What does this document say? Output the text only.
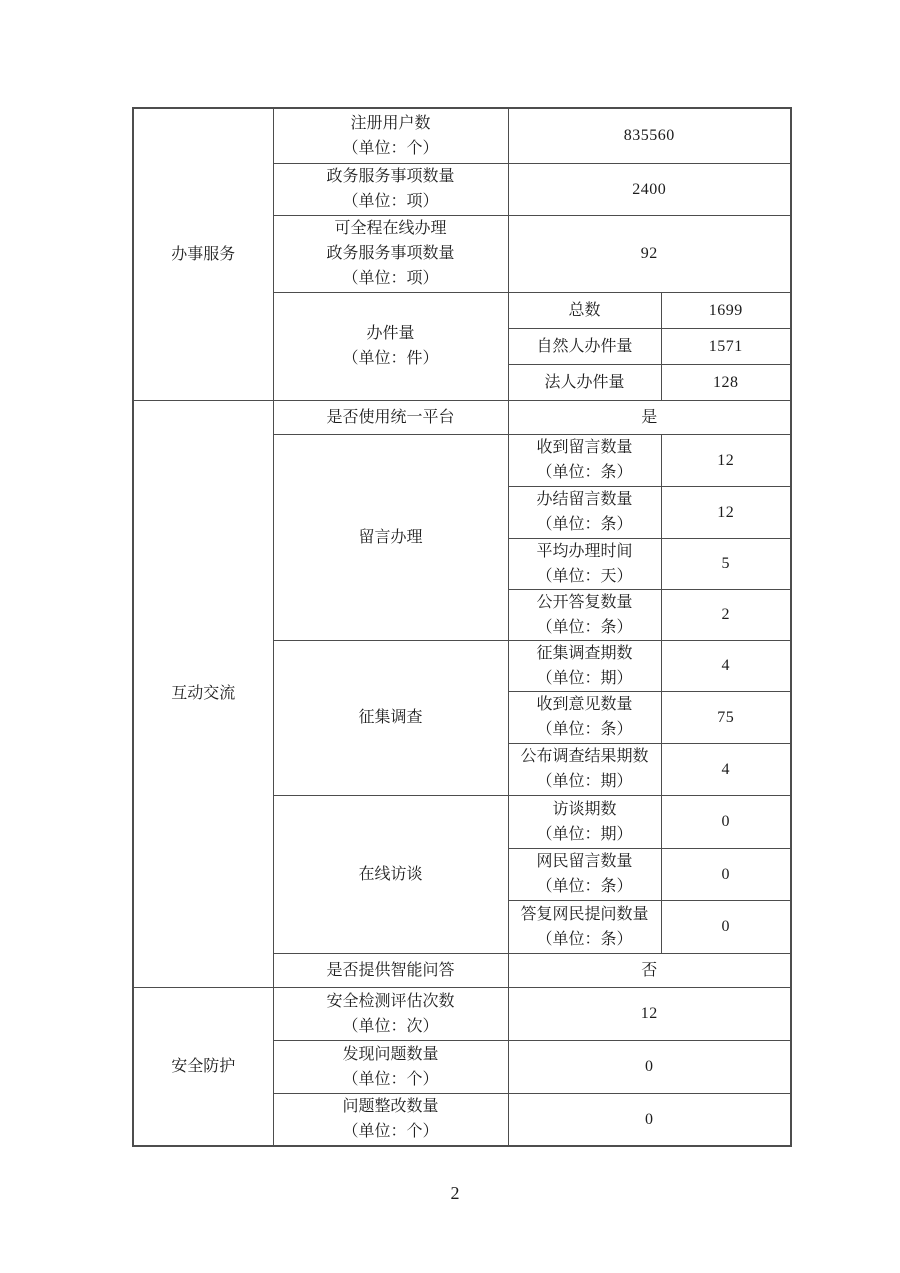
办事服务	注册用户数
（单位：个）	835560	

	政务服务事项数量
（单位：项）	2400	

	可全程在线办理
政务服务事项数量
（单位：项）	92	

	办件量
（单位：件）	总数	1699
		自然人办件量	1571
		法人办件量	128

互动交流	是否使用统一平台	是	
	留言办理	收到留言数量
（单位：条）	12

		办结留言数量
（单位：条）	12

		平均办理时间
（单位：天）	5

		公开答复数量
（单位：条）	2
	征集调查	征集调查期数
（单位：期）	4

		收到意见数量
（单位：条）	75

		公布调查结果期数
（单位：期）	4
	在线访谈	访谈期数
（单位：期）	0

		网民留言数量
（单位：条）	0

		答复网民提问数量
（单位：条）	0
	是否提供智能问答	否	

安全防护	安全检测评估次数
（单位：次）	12	

	发现问题数量
（单位：个）	0	

	问题整改数量
（单位：个）	0	
2
